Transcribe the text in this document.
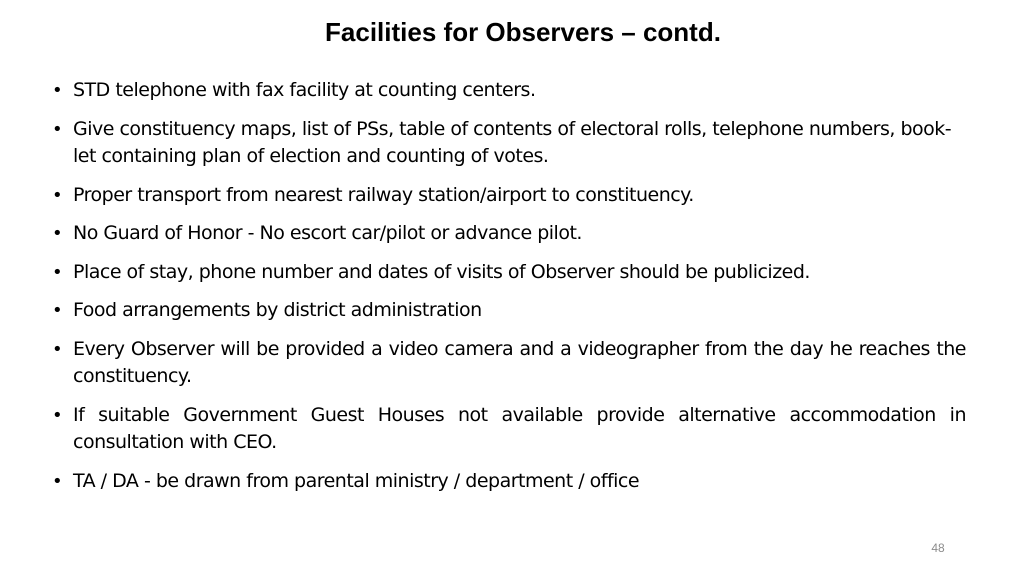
Facilities for Observers – contd.
• STD telephone with fax facility at counting centers.
• Give constituency maps, list of PSs, table of contents of electoral rolls, telephone numbers, book-let containing plan of election and counting of votes.
• Proper transport from nearest railway station/airport to constituency.
• No Guard of Honor - No escort car/pilot or advance pilot.
• Place of stay, phone number and dates of visits of Observer should be publicized.
• Food arrangements by district administration
• Every Observer will be provided a video camera and a videographer from the day he reaches the constituency.
• If suitable Government Guest Houses not available provide alternative accommodation in consultation with CEO.
• TA / DA - be drawn from parental ministry / department / office
48
